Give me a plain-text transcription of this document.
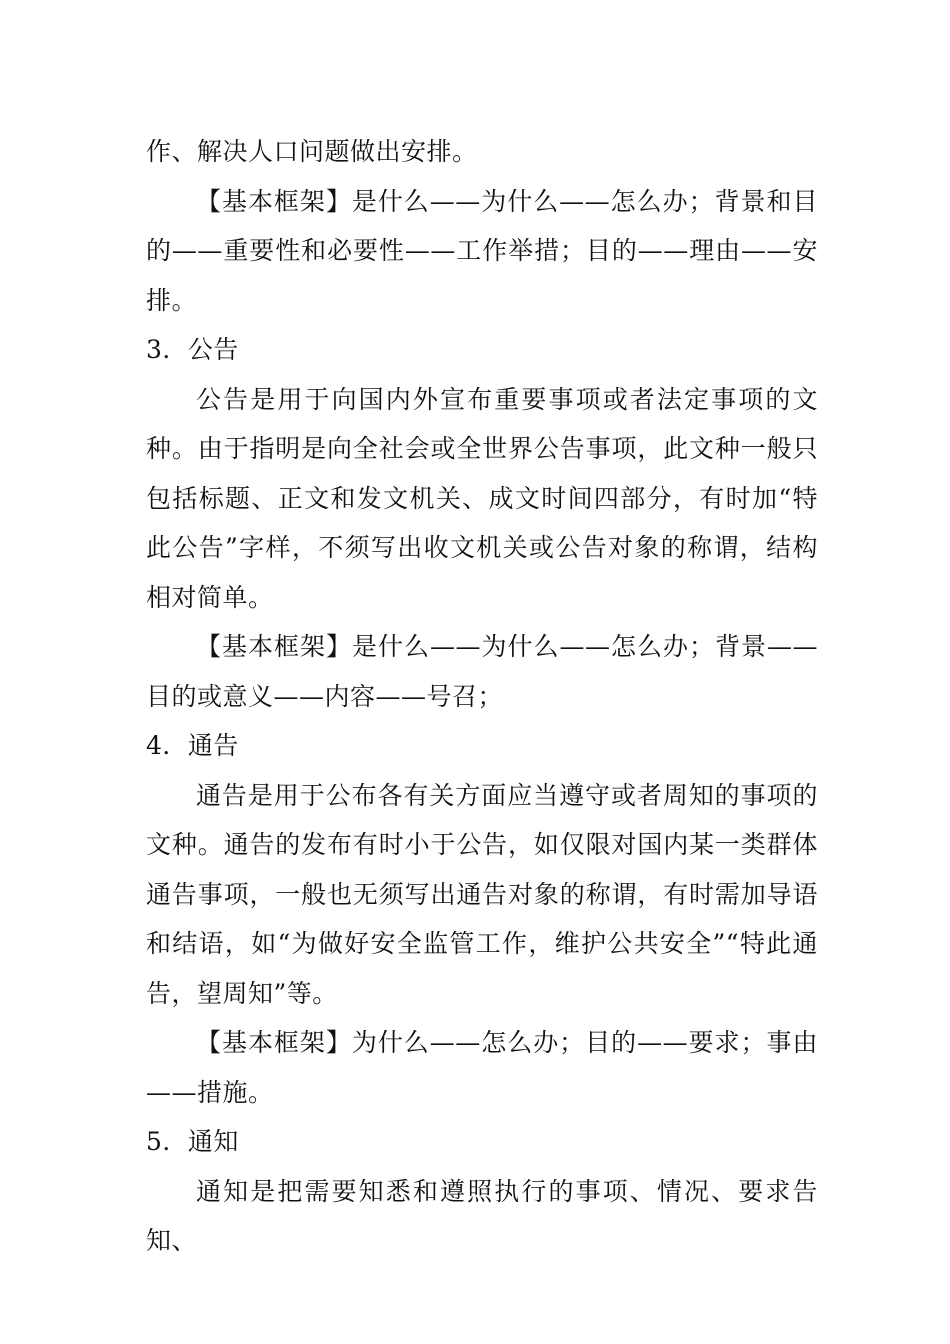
作、解决人口问题做出安排。

【基本框架】是什么——为什么——怎么办；背景和目的——重要性和必要性——工作举措；目的——理由——安排。

3．公告

公告是用于向国内外宣布重要事项或者法定事项的文种。由于指明是向全社会或全世界公告事项，此文种一般只包括标题、正文和发文机关、成文时间四部分，有时加“特此公告”字样，不须写出收文机关或公告对象的称谓，结构相对简单。

【基本框架】是什么——为什么——怎么办；背景——目的或意义——内容——号召；

4．通告

通告是用于公布各有关方面应当遵守或者周知的事项的文种。通告的发布有时小于公告，如仅限对国内某一类群体通告事项，一般也无须写出通告对象的称谓，有时需加导语和结语，如“为做好安全监管工作，维护公共安全”“特此通告，望周知”等。

【基本框架】为什么——怎么办；目的——要求；事由——措施。

5．通知

通知是把需要知悉和遵照执行的事项、情况、要求告知、
